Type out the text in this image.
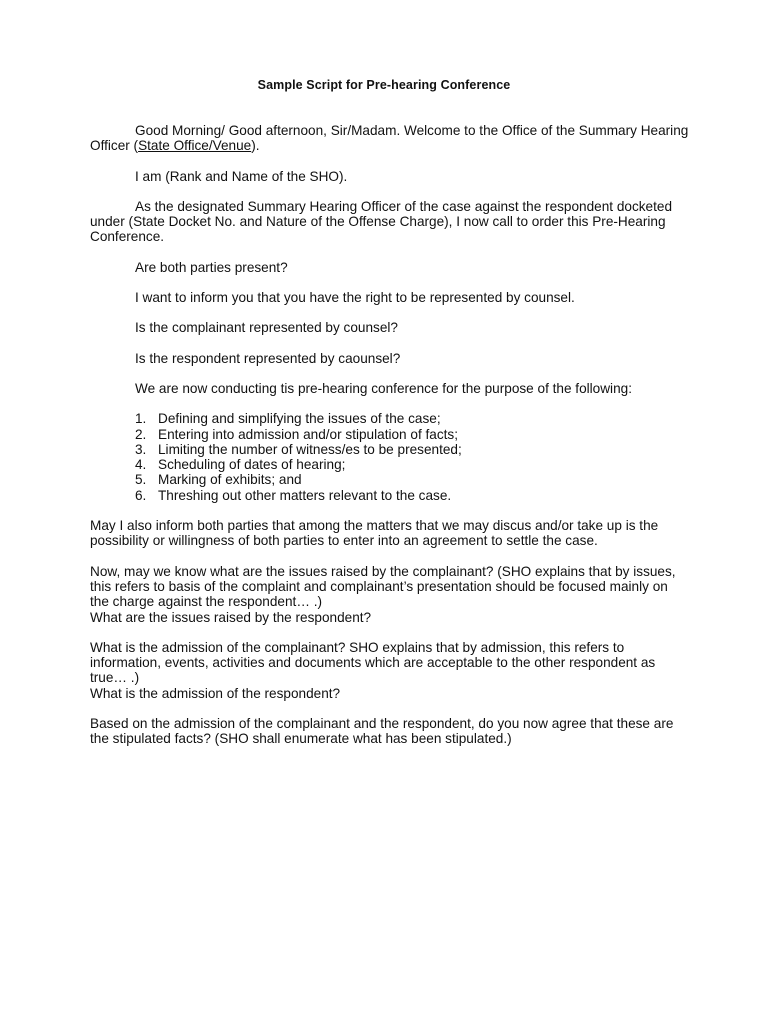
Sample Script for Pre-hearing Conference

Good Morning/ Good afternoon, Sir/Madam. Welcome to the Office of the Summary Hearing Officer (State Office/Venue).

I am (Rank and Name of the SHO).

As the designated Summary Hearing Officer of the case against the respondent docketed under (State Docket No. and Nature of the Offense Charge), I now call to order this Pre-Hearing Conference.

Are both parties present?

I want to inform you that you have the right to be represented by counsel.

Is the complainant represented by counsel?

Is the respondent represented by caounsel?

We are now conducting tis pre-hearing conference for the purpose of the following:

1. Defining and simplifying the issues of the case;
2. Entering into admission and/or stipulation of facts;
3. Limiting the number of witness/es to be presented;
4. Scheduling of dates of hearing;
5. Marking of exhibits; and
6. Threshing out other matters relevant to the case.

May I also inform both parties that among the matters that we may discus and/or take up is the possibility or willingness of both parties to enter into an agreement to settle the case.

Now, may we know what are the issues raised by the complainant? (SHO explains that by issues, this refers to basis of the complaint and complainant’s presentation should be focused mainly on the charge against the respondent… .)

What are the issues raised by the respondent?

What is the admission of the complainant? SHO explains that by admission, this refers to information, events, activities and documents which are acceptable to the other respondent as true… .)

What is the admission of the respondent?

Based on the admission of the complainant and the respondent, do you now agree that these are the stipulated facts? (SHO shall enumerate what has been stipulated.)
